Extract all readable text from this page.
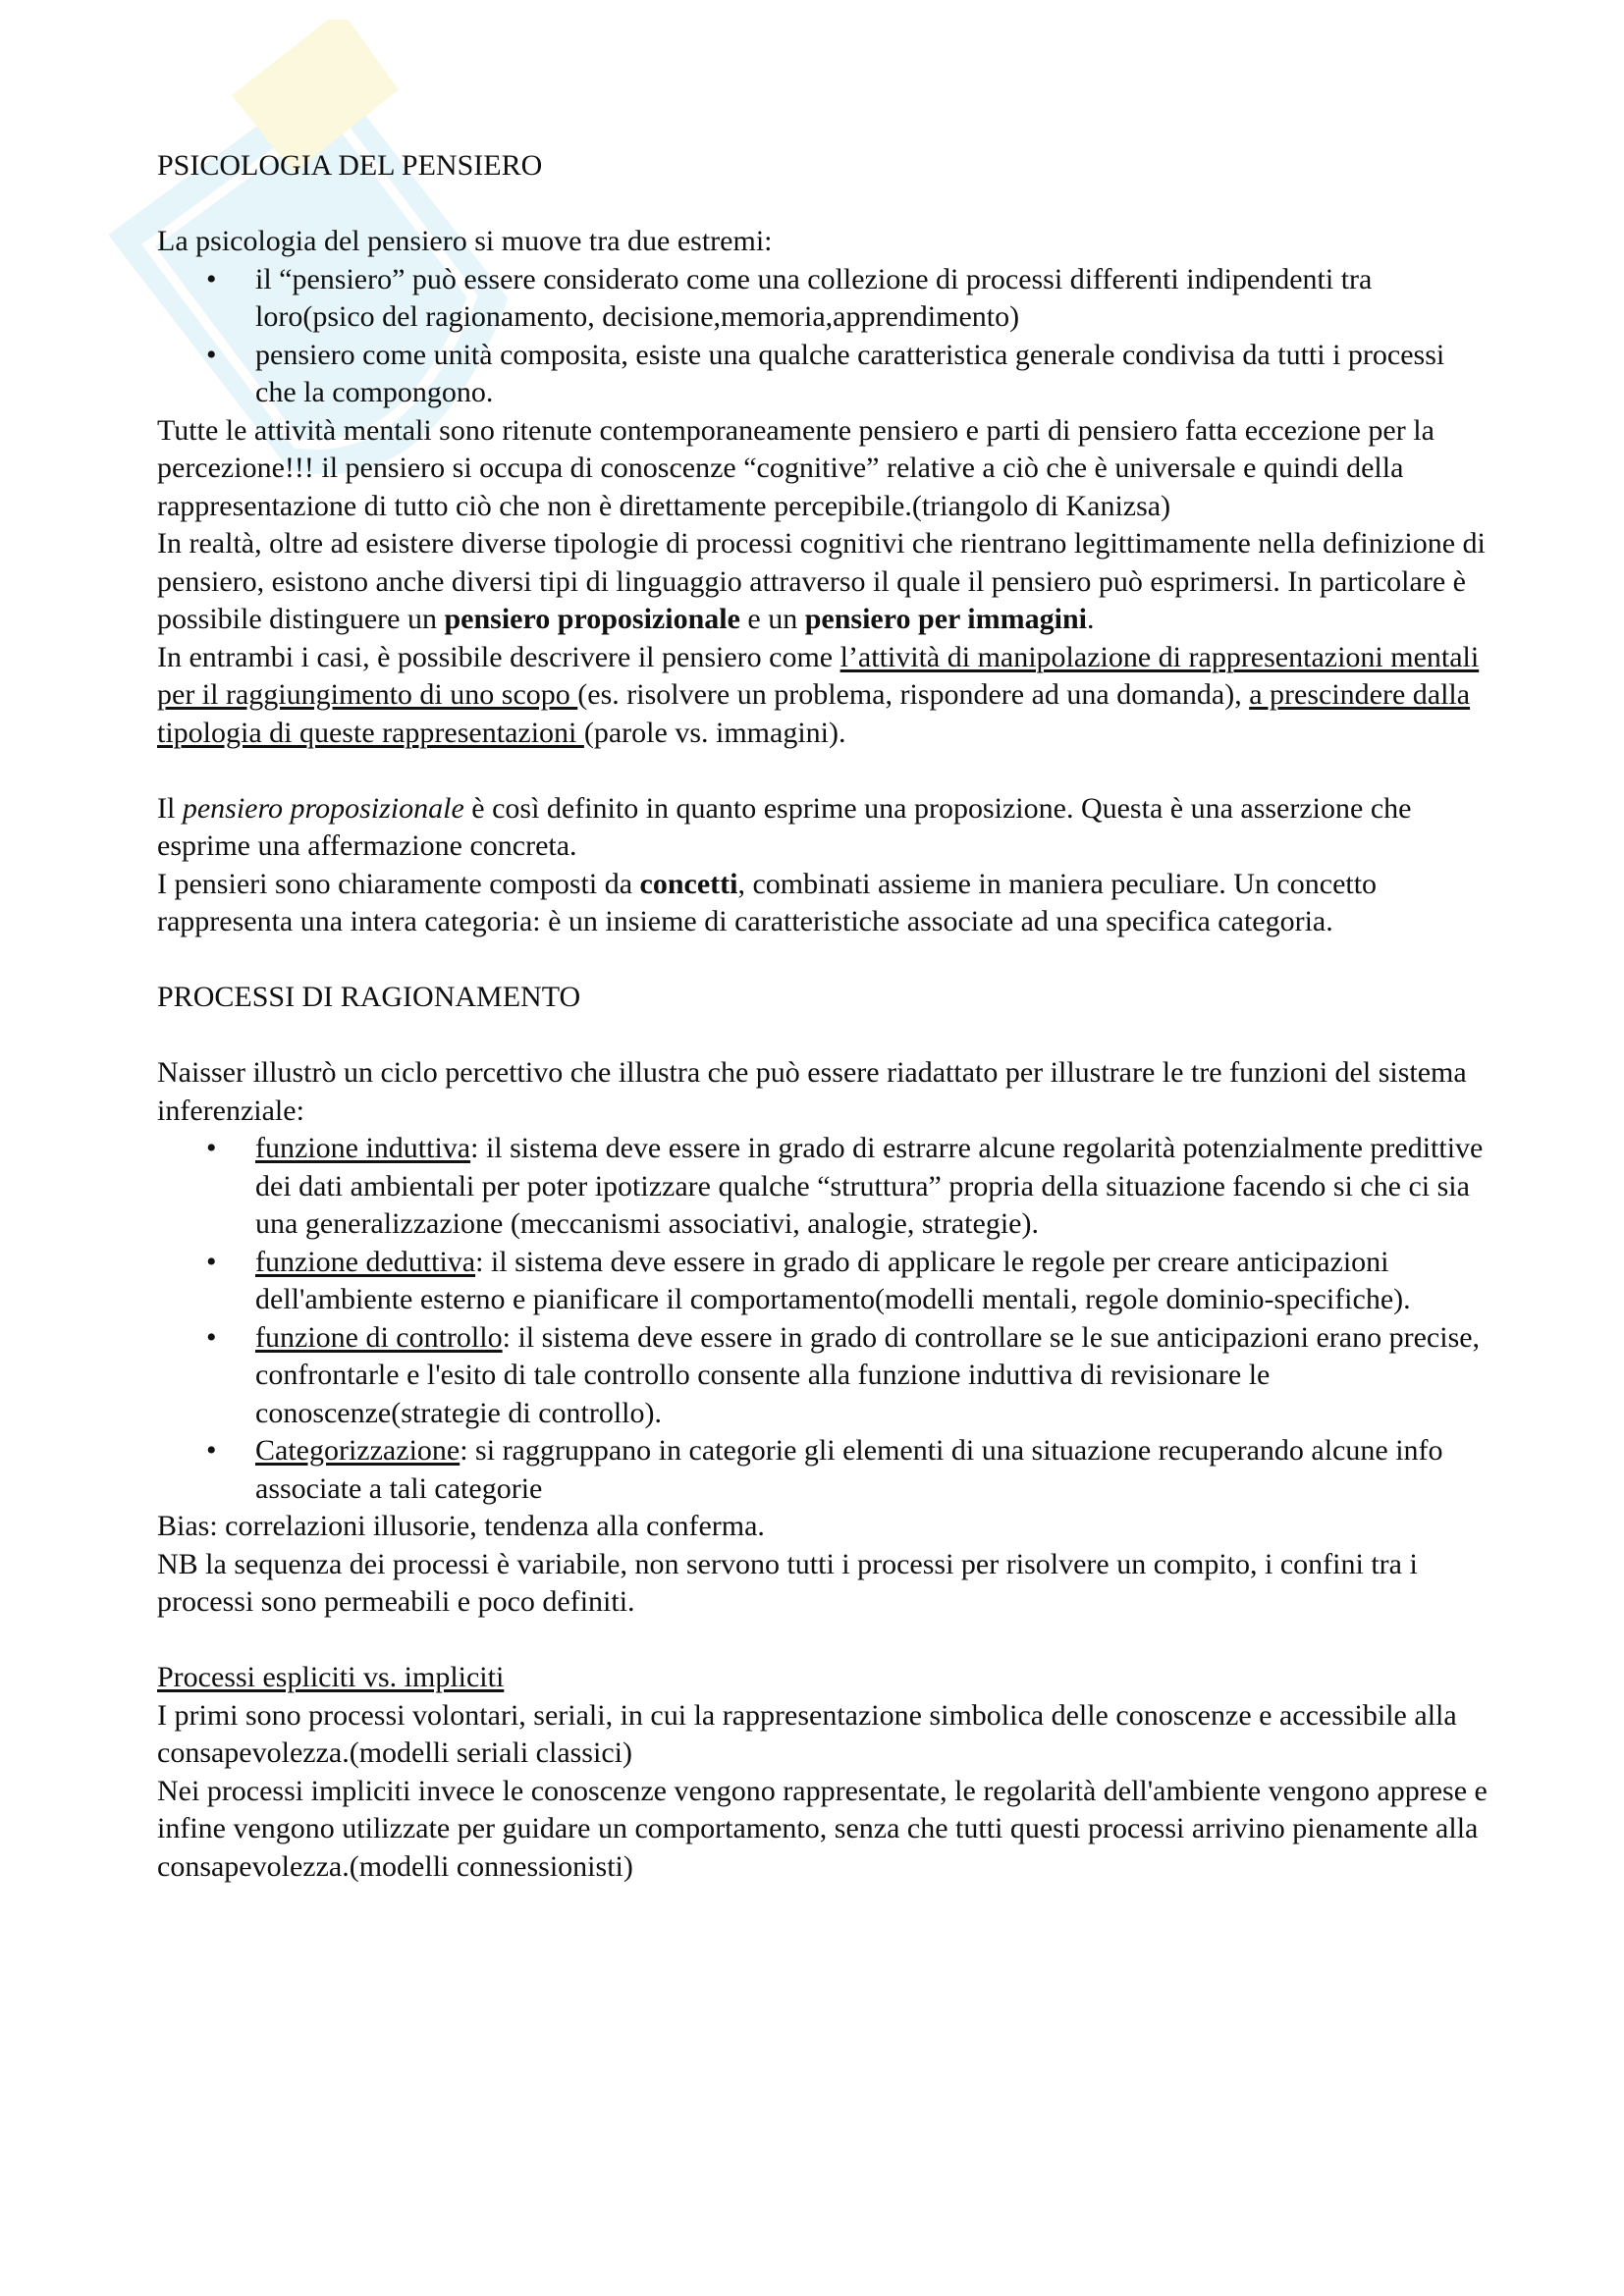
PSICOLOGIA DEL PENSIERO

La psicologia del pensiero si muove tra due estremi:

• il “pensiero” può essere considerato come una collezione di processi differenti indipendenti tra loro(psico del ragionamento, decisione,memoria,apprendimento)
• pensiero come unità composita, esiste una qualche caratteristica generale condivisa da tutti i processi che la compongono.

Tutte le attività mentali sono ritenute contemporaneamente pensiero e parti di pensiero fatta eccezione per la percezione!!! il pensiero si occupa di conoscenze “cognitive” relative a ciò che è universale e quindi della rappresentazione di tutto ciò che non è direttamente percepibile.(triangolo di Kanizsa)

In realtà, oltre ad esistere diverse tipologie di processi cognitivi che rientrano legittimamente nella definizione di pensiero, esistono anche diversi tipi di linguaggio attraverso il quale il pensiero può esprimersi. In particolare è possibile distinguere un pensiero proposizionale e un pensiero per immagini.

In entrambi i casi, è possibile descrivere il pensiero come l’attività di manipolazione di rappresentazioni mentali per il raggiungimento di uno scopo (es. risolvere un problema, rispondere ad una domanda), a prescindere dalla tipologia di queste rappresentazioni (parole vs. immagini).

Il pensiero proposizionale è così definito in quanto esprime una proposizione. Questa è una asserzione che esprime una affermazione concreta.

I pensieri sono chiaramente composti da concetti, combinati assieme in maniera peculiare. Un concetto rappresenta una intera categoria: è un insieme di caratteristiche associate ad una specifica categoria.

PROCESSI DI RAGIONAMENTO

Naisser illustrò un ciclo percettivo che illustra che può essere riadattato per illustrare le tre funzioni del sistema inferenziale:

• funzione induttiva: il sistema deve essere in grado di estrarre alcune regolarità potenzialmente predittive dei dati ambientali per poter ipotizzare qualche “struttura” propria della situazione facendo si che ci sia una generalizzazione (meccanismi associativi, analogie, strategie).
• funzione deduttiva: il sistema deve essere in grado di applicare le regole per creare anticipazioni dell'ambiente esterno e pianificare il comportamento(modelli mentali, regole dominio-specifiche).
• funzione di controllo: il sistema deve essere in grado di controllare se le sue anticipazioni erano precise, confrontarle e l'esito di tale controllo consente alla funzione induttiva di revisionare le conoscenze(strategie di controllo).
• Categorizzazione: si raggruppano in categorie gli elementi di una situazione recuperando alcune info associate a tali categorie

Bias: correlazioni illusorie, tendenza alla conferma.

NB la sequenza dei processi è variabile, non servono tutti i processi per risolvere un compito, i confini tra i processi sono permeabili e poco definiti.

Processi espliciti vs. impliciti

I primi sono processi volontari, seriali, in cui la rappresentazione simbolica delle conoscenze e accessibile alla consapevolezza.(modelli seriali classici)

Nei processi impliciti invece le conoscenze vengono rappresentate, le regolarità dell'ambiente vengono apprese e infine vengono utilizzate per guidare un comportamento, senza che tutti questi processi arrivino pienamente alla consapevolezza.(modelli connessionisti)
